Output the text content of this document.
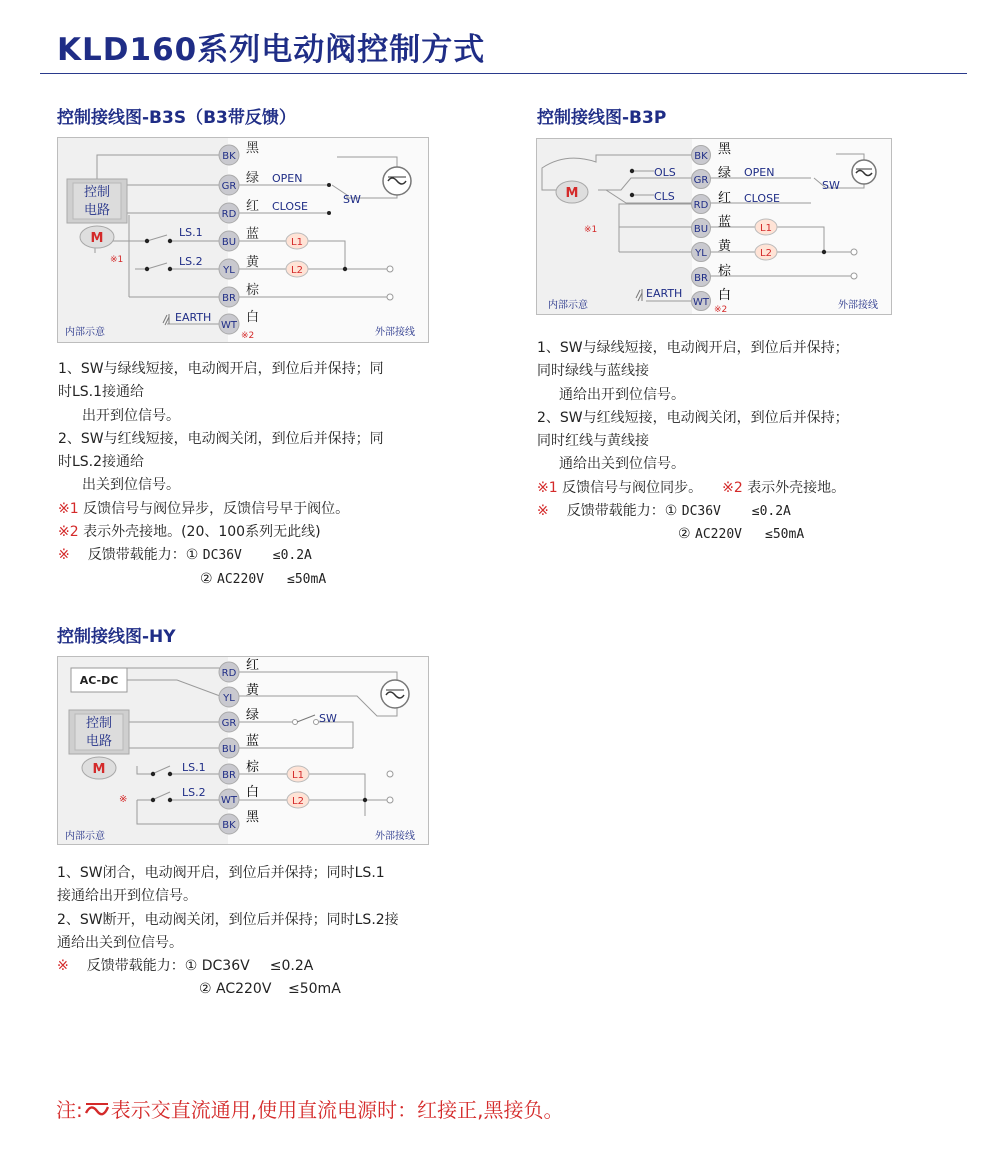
KLD160系列电动阀控制方式
控制接线图-B3S（B3带反馈）
控制
电路
M
※1
LS.1
LS.2
OPEN
CLOSE
SW
EARTH
※2
L1
L2
BK
黑
GR
绿
RD
红
BU
蓝
YL
黄
BR
棕
WT
白
内部示意	外部接线
1、SW与绿线短接，电动阀开启，到位后并保持；同
时LS.1接通给
出开到位信号。
2、SW与红线短接，电动阀关闭，到位后并保持；同
时LS.2接通给
出关到位信号。
※1 反馈信号与阀位异步，反馈信号早于阀位。
※2 表示外壳接地。(20、100系列无此线)
※ 反馈带载能力：① DC36V ≤0.2A
② AC220V ≤50mA
控制接线图-B3P
M
OLS
CLS
※1
OPEN
CLOSE
SW
L1
L2
EARTH
※2
BK 黑
GR 绿
RD 红
BU 蓝
YL 黄
BR 棕
WT 白
内部示意	外部接线
1、SW与绿线短接，电动阀开启，到位后并保持；
同时绿线与蓝线接
通给出开到位信号。
2、SW与红线短接，电动阀关闭，到位后并保持；
同时红线与黄线接
通给出关到位信号。
※1 反馈信号与阀位同步。 ※2 表示外壳接地。
※ 反馈带载能力：① DC36V ≤0.2A
② AC220V ≤50mA
控制接线图-HY
AC-DC
控制
电路
M
※
LS.1
LS.2
SW
L1
L2
RD
红
YL
黄
GR
绿
BU
蓝
BR
棕
WT
白
BK
黑
内部示意	外部接线
1、SW闭合，电动阀开启，到位后并保持；同时LS.1
接通给出开到位信号。
2、SW断开，电动阀关闭，到位后并保持；同时LS.2接
通给出关到位信号。
※ 反馈带载能力：① DC36V ≤0.2A
② AC220V ≤50mA
注: 表示交直流通用,使用直流电源时：红接正,黑接负。
